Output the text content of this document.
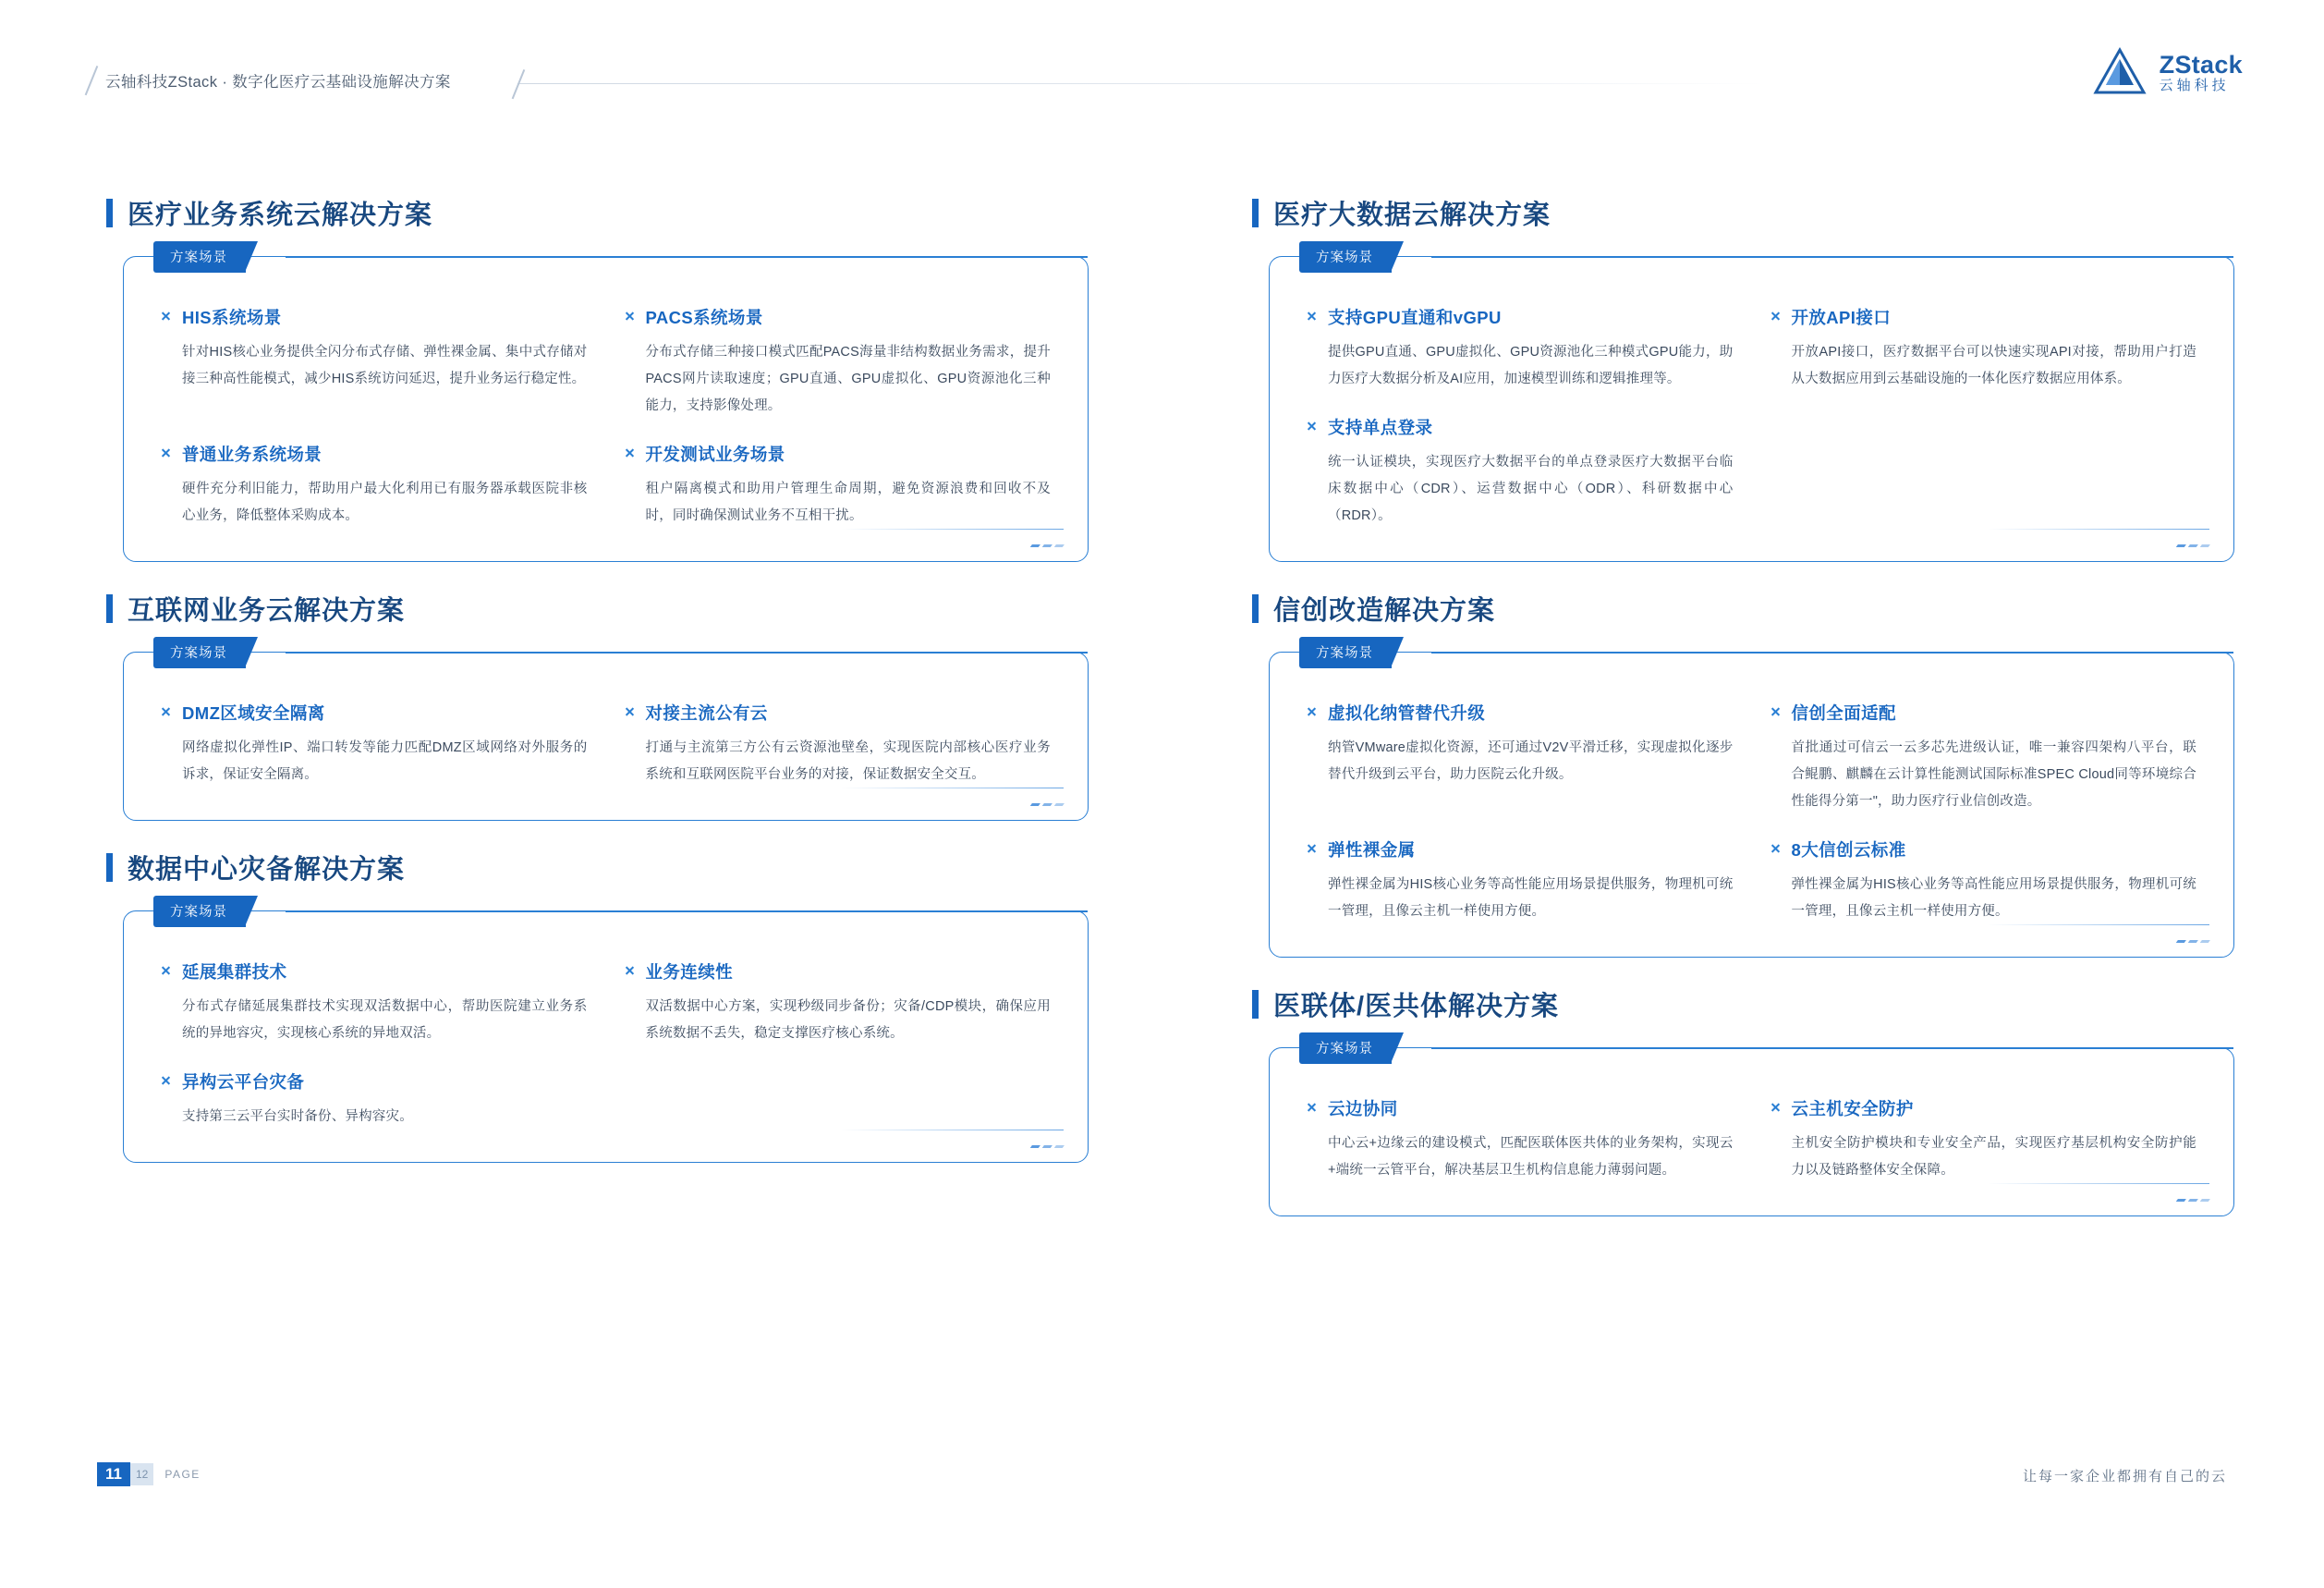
云轴科技ZStack · 数字化医疗云基础设施解决方案
ZStack
云轴科技
医疗业务系统云解决方案
方案场景
HIS系统场景
针对HIS核心业务提供全闪分布式存储、弹性裸金属、集中式存储对接三种高性能模式，减少HIS系统访问延迟，提升业务运行稳定性。
PACS系统场景
分布式存储三种接口模式匹配PACS海量非结构数据业务需求，提升PACS网片读取速度；GPU直通、GPU虚拟化、GPU资源池化三种能力，支持影像处理。
普通业务系统场景
硬件充分利旧能力，帮助用户最大化利用已有服务器承载医院非核心业务，降低整体采购成本。
开发测试业务场景
租户隔离模式和助用户管理生命周期，避免资源浪费和回收不及时，同时确保测试业务不互相干扰。
互联网业务云解决方案
方案场景
DMZ区域安全隔离
网络虚拟化弹性IP、端口转发等能力匹配DMZ区域网络对外服务的诉求，保证安全隔离。
对接主流公有云
打通与主流第三方公有云资源池壁垒，实现医院内部核心医疗业务系统和互联网医院平台业务的对接，保证数据安全交互。
数据中心灾备解决方案
方案场景
延展集群技术
分布式存储延展集群技术实现双活数据中心，帮助医院建立业务系统的异地容灾，实现核心系统的异地双活。
业务连续性
双活数据中心方案，实现秒级同步备份；灾备/CDP模块，确保应用系统数据不丢失，稳定支撑医疗核心系统。
异构云平台灾备
支持第三云平台实时备份、异构容灾。
医疗大数据云解决方案
方案场景
支持GPU直通和vGPU
提供GPU直通、GPU虚拟化、GPU资源池化三种模式GPU能力，助力医疗大数据分析及AI应用，加速模型训练和逻辑推理等。
开放API接口
开放API接口，医疗数据平台可以快速实现API对接，帮助用户打造从大数据应用到云基础设施的一体化医疗数据应用体系。
支持单点登录
统一认证模块，实现医疗大数据平台的单点登录医疗大数据平台临床数据中心（CDR）、运营数据中心（ODR）、科研数据中心（RDR）。
信创改造解决方案
方案场景
虚拟化纳管替代升级
纳管VMware虚拟化资源，还可通过V2V平滑迁移，实现虚拟化逐步替代升级到云平台，助力医院云化升级。
信创全面适配
首批通过可信云一云多芯先进级认证，唯一兼容四架构八平台，联合鲲鹏、麒麟在云计算性能测试国际标准SPEC Cloud同等环境综合性能得分第一"，助力医疗行业信创改造。
弹性裸金属
弹性裸金属为HIS核心业务等高性能应用场景提供服务，物理机可统一管理，且像云主机一样使用方便。
8大信创云标准
弹性裸金属为HIS核心业务等高性能应用场景提供服务，物理机可统一管理，且像云主机一样使用方便。
医联体/医共体解决方案
方案场景
云边协同
中心云+边缘云的建设模式，匹配医联体医共体的业务架构，实现云+端统一云管平台，解决基层卫生机构信息能力薄弱问题。
云主机安全防护
主机安全防护模块和专业安全产品，实现医疗基层机构安全防护能力以及链路整体安全保障。
11	12	PAGE	让每一家企业都拥有自己的云
